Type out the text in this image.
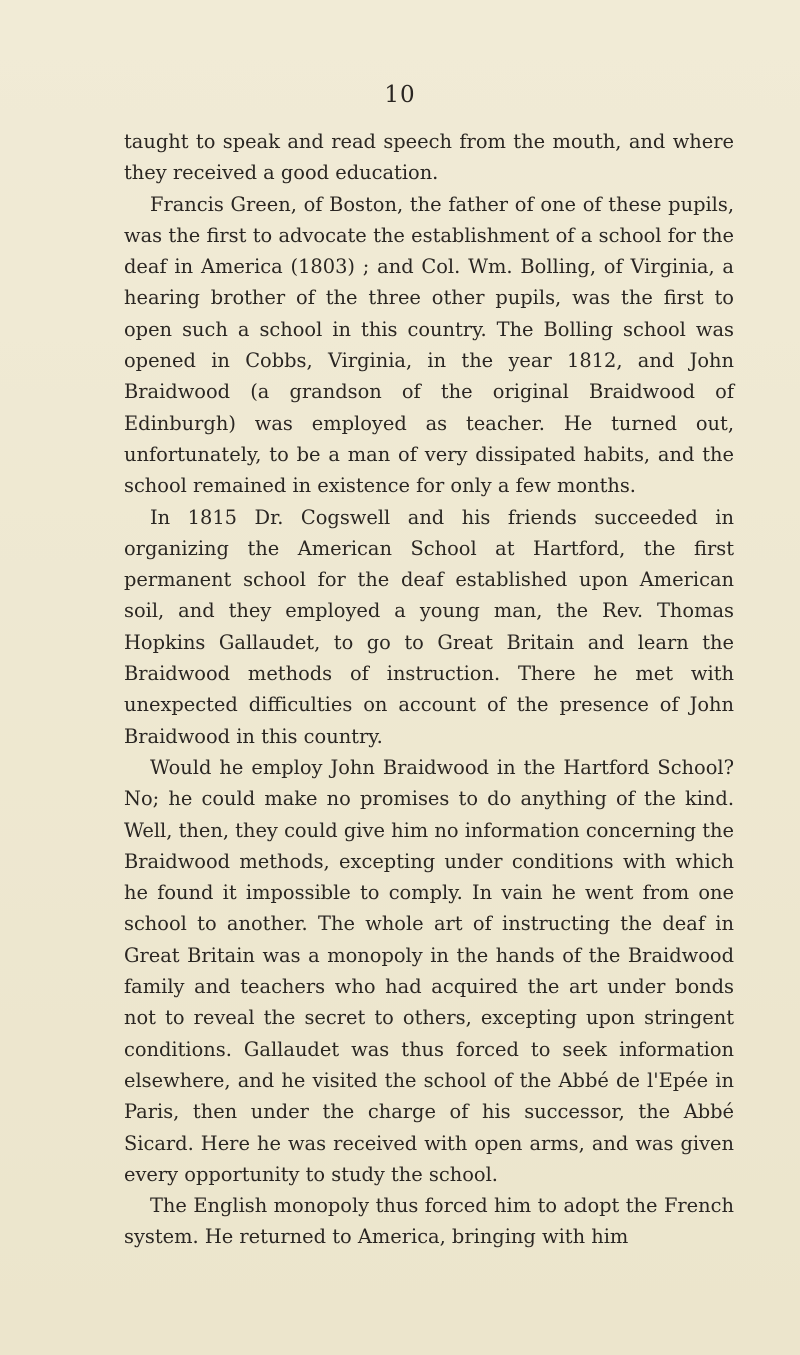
10

taught to speak and read speech from the mouth, and where they received a good education.

Francis Green, of Boston, the father of one of these pupils, was the first to advocate the establishment of a school for the deaf in America (1803) ; and Col. Wm. Bolling, of Virginia, a hearing brother of the three other pupils, was the first to open such a school in this country. The Bolling school was opened in Cobbs, Virginia, in the year 1812, and John Braidwood (a grandson of the original Braidwood of Edinburgh) was employed as teacher. He turned out, unfortunately, to be a man of very dissipated habits, and the school remained in existence for only a few months.

In 1815 Dr. Cogswell and his friends succeeded in organizing the American School at Hartford, the first permanent school for the deaf established upon American soil, and they employed a young man, the Rev. Thomas Hopkins Gallaudet, to go to Great Britain and learn the Braidwood methods of instruction. There he met with unexpected difficulties on account of the presence of John Braidwood in this country.

Would he employ John Braidwood in the Hartford School? No; he could make no promises to do anything of the kind. Well, then, they could give him no information concerning the Braidwood methods, excepting under conditions with which he found it impossible to comply. In vain he went from one school to another. The whole art of instructing the deaf in Great Britain was a monopoly in the hands of the Braidwood family and teachers who had acquired the art under bonds not to reveal the secret to others, excepting upon stringent conditions. Gallaudet was thus forced to seek information elsewhere, and he visited the school of the Abbé de l'Epée in Paris, then under the charge of his successor, the Abbé Sicard. Here he was received with open arms, and was given every opportunity to study the school.

The English monopoly thus forced him to adopt the French system. He returned to America, bringing with him
